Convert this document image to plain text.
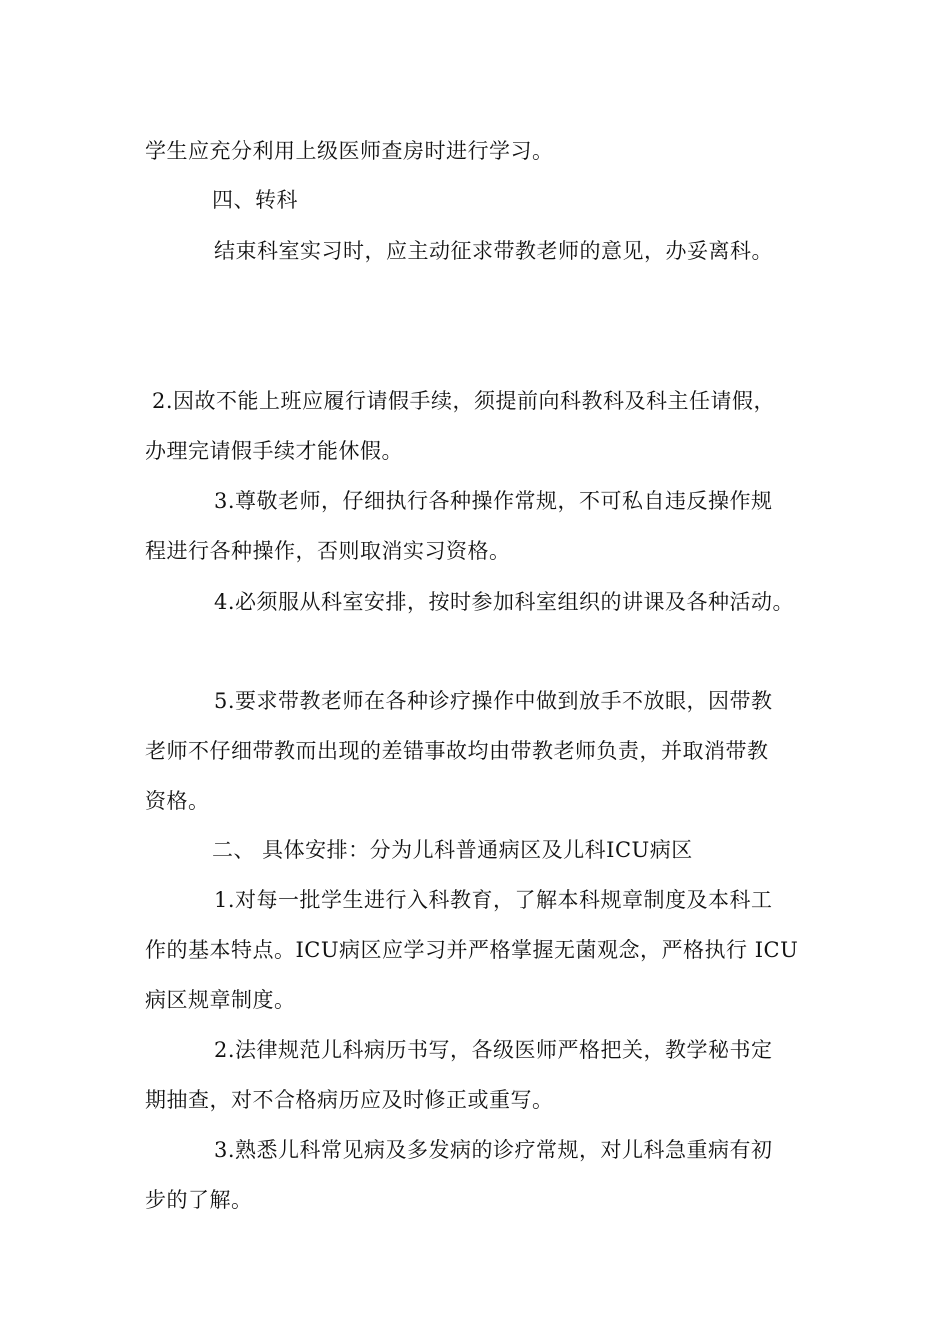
学生应充分利用上级医师查房时进行学习。
四、转科
结束科室实习时，应主动征求带教老师的意见，办妥离科。
2.因故不能上班应履行请假手续，须提前向科教科及科主任请假，
办理完请假手续才能休假。
3.尊敬老师，仔细执行各种操作常规，不可私自违反操作规
程进行各种操作，否则取消实习资格。
4.必须服从科室安排，按时参加科室组织的讲课及各种活动。
5.要求带教老师在各种诊疗操作中做到放手不放眼，因带教
老师不仔细带教而出现的差错事故均由带教老师负责，并取消带教
资格。
二、 具体安排：分为儿科普通病区及儿科ICU病区
1.对每一批学生进行入科教育，了解本科规章制度及本科工
作的基本特点。ICU病区应学习并严格掌握无菌观念，严格执行 ICU
病区规章制度。
2.法律规范儿科病历书写，各级医师严格把关，教学秘书定
期抽查，对不合格病历应及时修正或重写。
3.熟悉儿科常见病及多发病的诊疗常规，对儿科急重病有初
步的了解。
